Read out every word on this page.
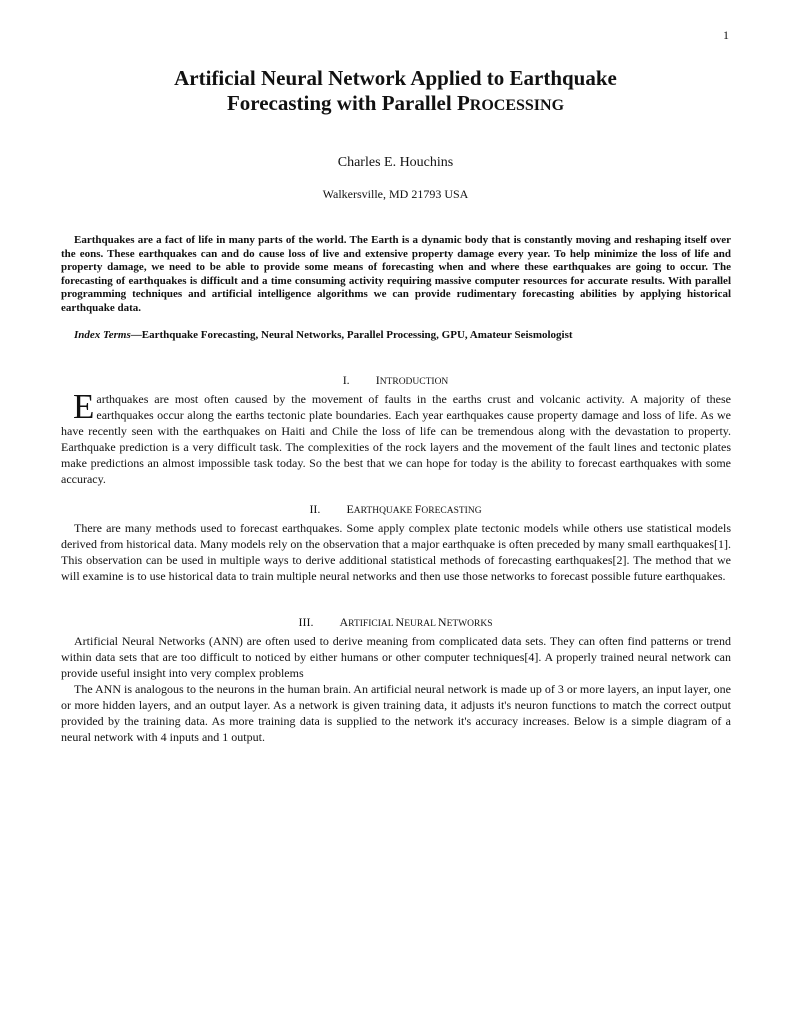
1
Artificial Neural Network Applied to Earthquake
Forecasting with Parallel PROCESSING
Charles E. Houchins
Walkersville, MD 21793 USA

Earthquakes are a fact of life in many parts of the world. The Earth is a dynamic body that is constantly moving and reshaping itself over the eons. These earthquakes can and do cause loss of live and extensive property damage every year. To help minimize the loss of life and property damage, we need to be able to provide some means of forecasting when and where these earthquakes are going to occur. The forecasting of earthquakes is difficult and a time consuming activity requiring massive computer resources for accurate results. With parallel programming techniques and artificial intelligence algorithms we can provide rudimentary forecasting abilities by applying historical earthquake data.

Index Terms—Earthquake Forecasting, Neural Networks, Parallel Processing, GPU, Amateur Seismologist

I. INTRODUCTION

Earthquakes are most often caused by the movement of faults in the earths crust and volcanic activity. A majority of these earthquakes occur along the earths tectonic plate boundaries. Each year earthquakes cause property damage and loss of life. As we have recently seen with the earthquakes on Haiti and Chile the loss of life can be tremendous along with the devastation to property. Earthquake prediction is a very difficult task. The complexities of the rock layers and the movement of the fault lines and tectonic plates make predictions an almost impossible task today. So the best that we can hope for today is the ability to forecast earthquakes with some accuracy.

II. EARTHQUAKE FORECASTING

There are many methods used to forecast earthquakes. Some apply complex plate tectonic models while others use statistical models derived from historical data. Many models rely on the observation that a major earthquake is often preceded by many small earthquakes[1]. This observation can be used in multiple ways to derive additional statistical methods of forecasting earthquakes[2]. The method that we will examine is to use historical data to train multiple neural networks and then use those networks to forecast possible future earthquakes.

III. ARTIFICIAL NEURAL NETWORKS

Artificial Neural Networks (ANN) are often used to derive meaning from complicated data sets. They can often find patterns or trend within data sets that are too difficult to noticed by either humans or other computer techniques[4]. A properly trained neural network can provide useful insight into very complex problems

The ANN is analogous to the neurons in the human brain. An artificial neural network is made up of 3 or more layers, an input layer, one or more hidden layers, and an output layer. As a network is given training data, it adjusts it's neuron functions to match the correct output provided by the training data. As more training data is supplied to the network it's accuracy increases. Below is a simple diagram of a neural network with 4 inputs and 1 output.
